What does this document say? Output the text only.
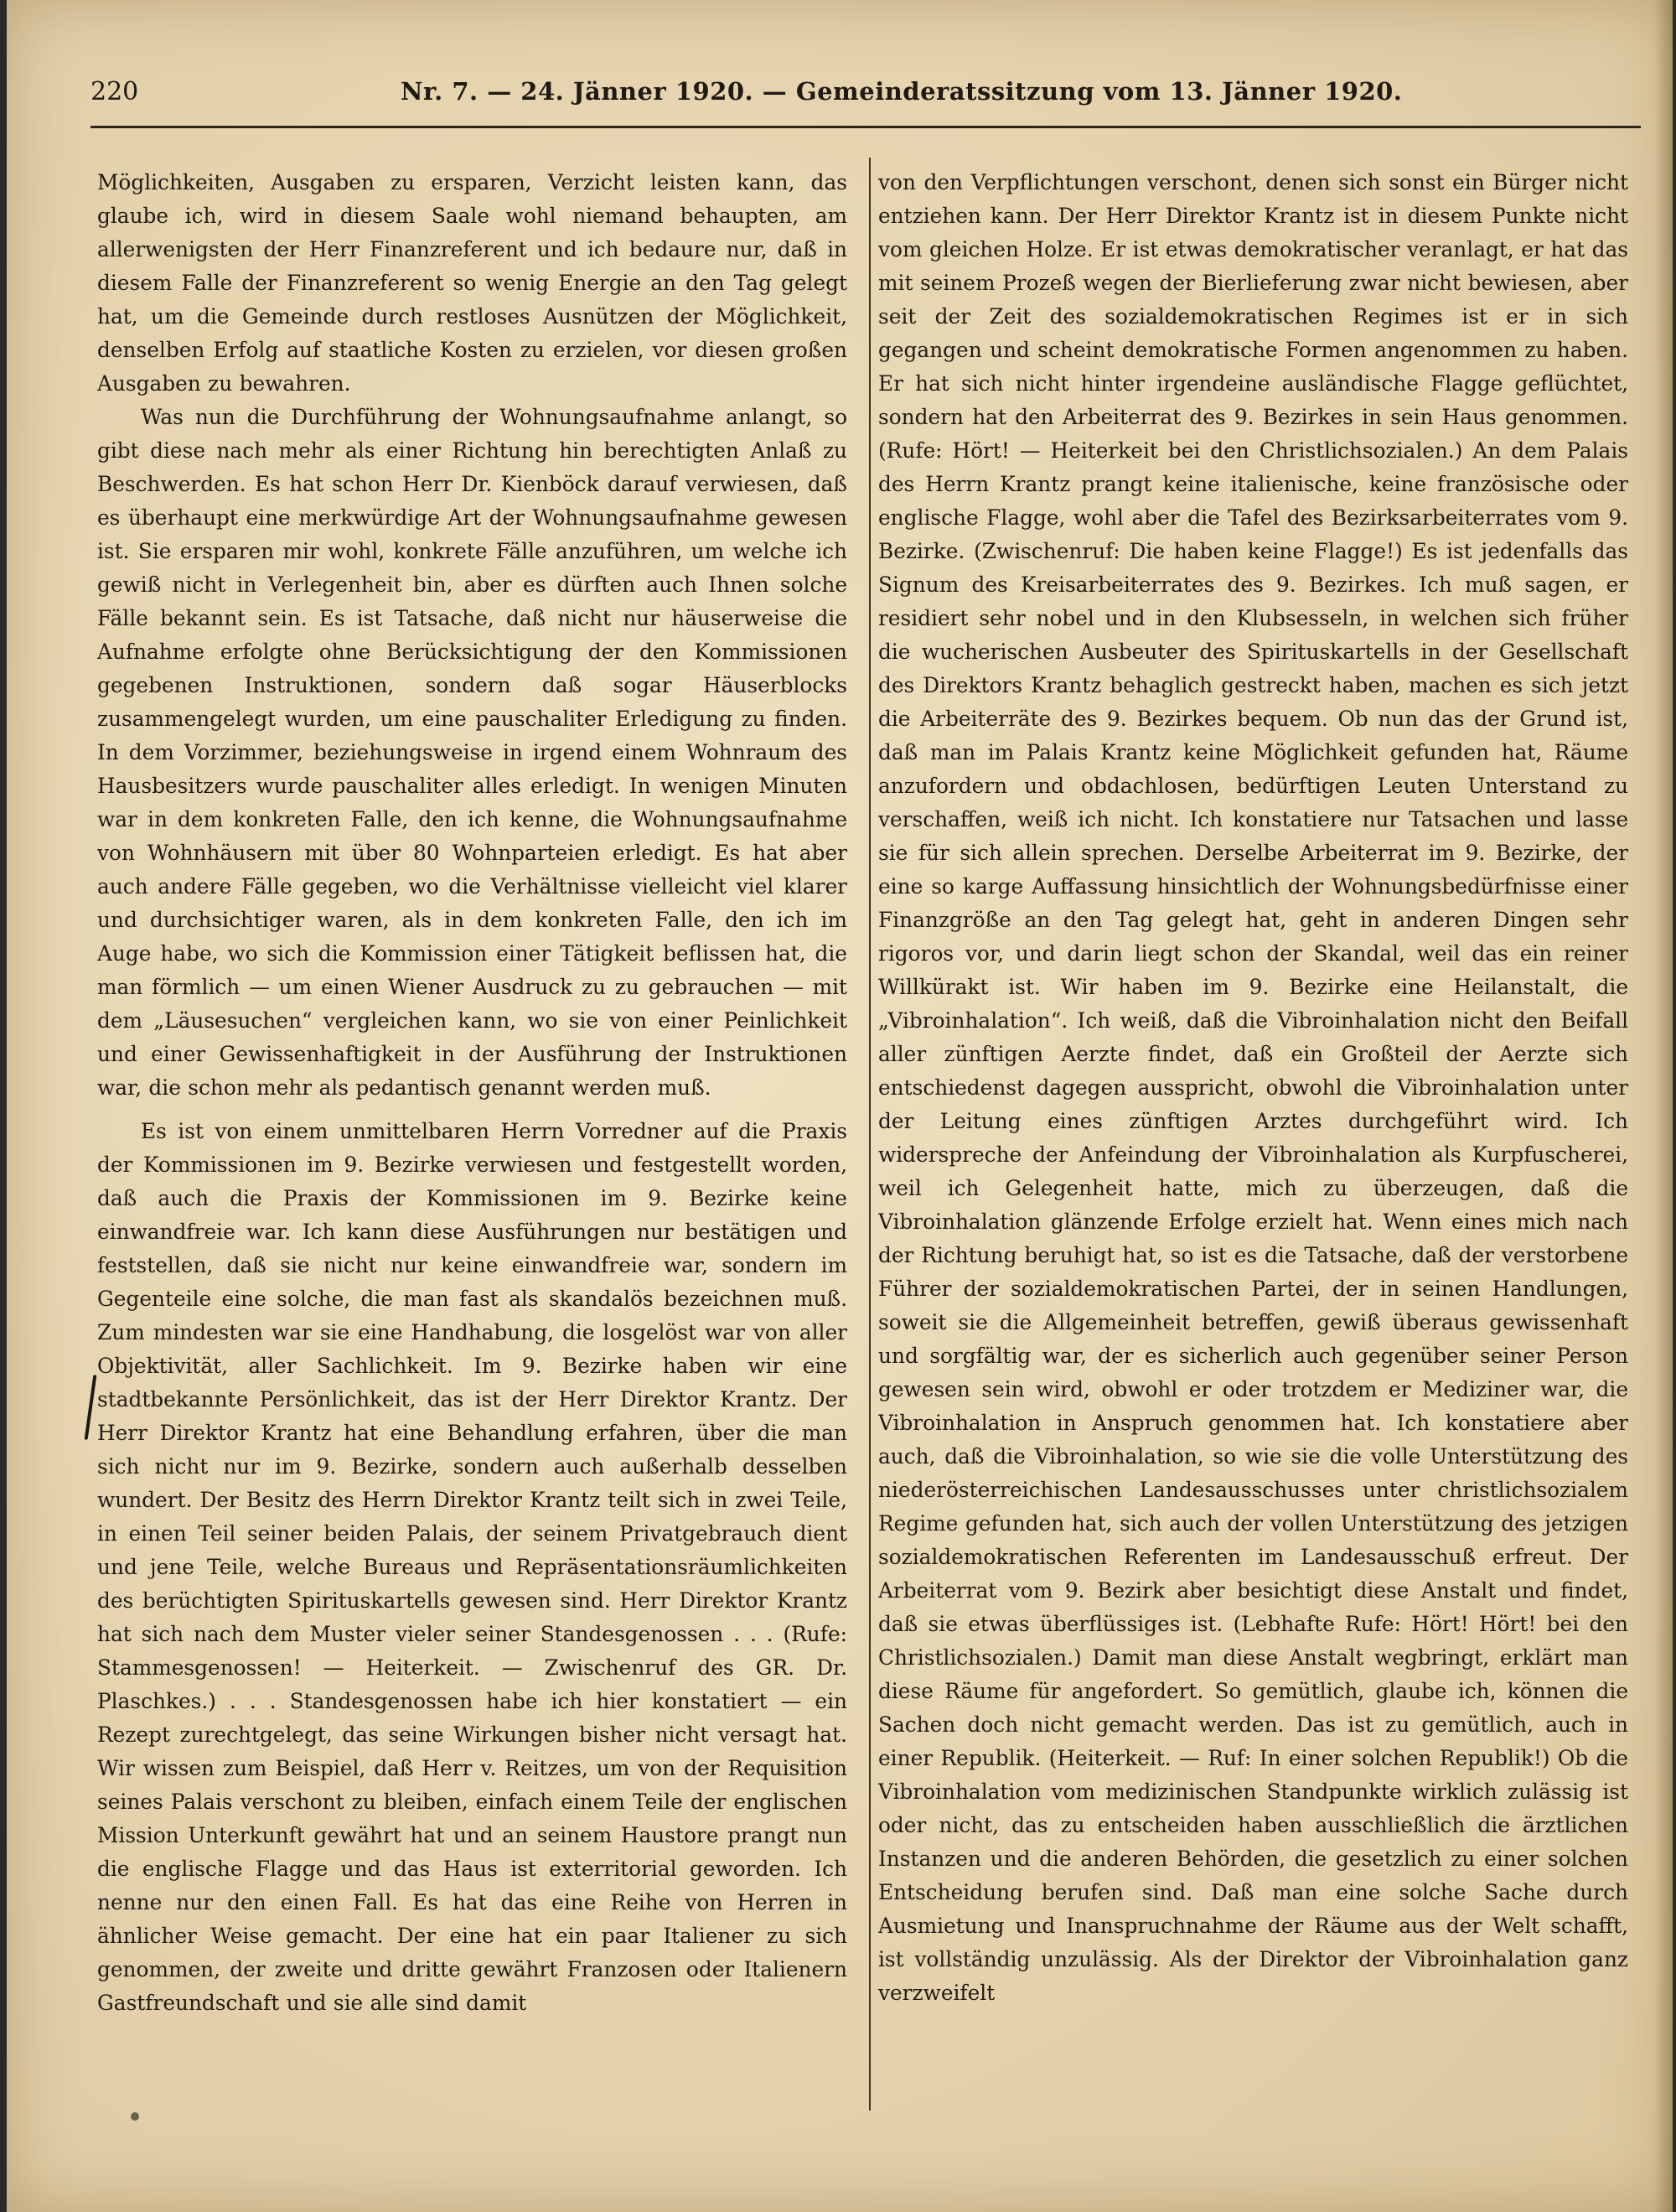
220	Nr. 7. — 24. Jänner 1920. — Gemeinderatssitzung vom 13. Jänner 1920.

Möglichkeiten, Ausgaben zu ersparen, Verzicht leisten kann, das glaube ich, wird in diesem Saale wohl niemand behaupten, am allerwenigsten der Herr Finanzreferent und ich bedaure nur, daß in diesem Falle der Finanzreferent so wenig Energie an den Tag gelegt hat, um die Gemeinde durch restloses Ausnützen der Möglichkeit, denselben Erfolg auf staatliche Kosten zu erzielen, vor diesen großen Ausgaben zu bewahren.

Was nun die Durchführung der Wohnungsaufnahme anlangt, so gibt diese nach mehr als einer Richtung hin berechtigten Anlaß zu Beschwerden. Es hat schon Herr Dr. Kienböck darauf verwiesen, daß es überhaupt eine merkwürdige Art der Wohnungsaufnahme gewesen ist. Sie ersparen mir wohl, konkrete Fälle anzuführen, um welche ich gewiß nicht in Verlegenheit bin, aber es dürften auch Ihnen solche Fälle bekannt sein. Es ist Tatsache, daß nicht nur häuserweise die Aufnahme erfolgte ohne Berücksichtigung der den Kommissionen gegebenen Instruktionen, sondern daß sogar Häuserblocks zusammengelegt wurden, um eine pauschaliter Erledigung zu finden. In dem Vorzimmer, beziehungsweise in irgend einem Wohnraum des Hausbesitzers wurde pauschaliter alles erledigt. In wenigen Minuten war in dem konkreten Falle, den ich kenne, die Wohnungsaufnahme von Wohnhäusern mit über 80 Wohnparteien erledigt. Es hat aber auch andere Fälle gegeben, wo die Verhältnisse vielleicht viel klarer und durchsichtiger waren, als in dem konkreten Falle, den ich im Auge habe, wo sich die Kommission einer Tätigkeit beflissen hat, die man förmlich — um einen Wiener Ausdruck zu zu gebrauchen — mit dem „Läusesuchen“ vergleichen kann, wo sie von einer Peinlichkeit und einer Gewissenhaftigkeit in der Ausführung der Instruktionen war, die schon mehr als pedantisch genannt werden muß.

Es ist von einem unmittelbaren Herrn Vorredner auf die Praxis der Kommissionen im 9. Bezirke verwiesen und festgestellt worden, daß auch die Praxis der Kommissionen im 9. Bezirke keine einwandfreie war. Ich kann diese Ausführungen nur bestätigen und feststellen, daß sie nicht nur keine einwandfreie war, sondern im Gegenteile eine solche, die man fast als skandalös bezeichnen muß. Zum mindesten war sie eine Handhabung, die losgelöst war von aller Objektivität, aller Sachlichkeit. Im 9. Bezirke haben wir eine stadtbekannte Persönlichkeit, das ist der Herr Direktor Krantz. Der Herr Direktor Krantz hat eine Behandlung erfahren, über die man sich nicht nur im 9. Bezirke, sondern auch außerhalb desselben wundert. Der Besitz des Herrn Direktor Krantz teilt sich in zwei Teile, in einen Teil seiner beiden Palais, der seinem Privatgebrauch dient und jene Teile, welche Bureaus und Repräsentationsräumlichkeiten des berüchtigten Spirituskartells gewesen sind. Herr Direktor Krantz hat sich nach dem Muster vieler seiner Standesgenossen . . . (Rufe: Stammesgenossen! — Heiterkeit. — Zwischenruf des GR. Dr. Plaschkes.) . . . Standesgenossen habe ich hier konstatiert — ein Rezept zurechtgelegt, das seine Wirkungen bisher nicht versagt hat. Wir wissen zum Beispiel, daß Herr v. Reitzes, um von der Requisition seines Palais verschont zu bleiben, einfach einem Teile der englischen Mission Unterkunft gewährt hat und an seinem Haustore prangt nun die englische Flagge und das Haus ist exterritorial geworden. Ich nenne nur den einen Fall. Es hat das eine Reihe von Herren in ähnlicher Weise gemacht. Der eine hat ein paar Italiener zu sich genommen, der zweite und dritte gewährt Franzosen oder Italienern Gastfreundschaft und sie alle sind damit

von den Verpflichtungen verschont, denen sich sonst ein Bürger nicht entziehen kann. Der Herr Direktor Krantz ist in diesem Punkte nicht vom gleichen Holze. Er ist etwas demokratischer veranlagt, er hat das mit seinem Prozeß wegen der Bierlieferung zwar nicht bewiesen, aber seit der Zeit des sozialdemokratischen Regimes ist er in sich gegangen und scheint demokratische Formen angenommen zu haben. Er hat sich nicht hinter irgendeine ausländische Flagge geflüchtet, sondern hat den Arbeiterrat des 9. Bezirkes in sein Haus genommen. (Rufe: Hört! — Heiterkeit bei den Christlichsozialen.) An dem Palais des Herrn Krantz prangt keine italienische, keine französische oder englische Flagge, wohl aber die Tafel des Bezirksarbeiterrates vom 9. Bezirke. (Zwischenruf: Die haben keine Flagge!) Es ist jedenfalls das Signum des Kreisarbeiterrates des 9. Bezirkes. Ich muß sagen, er residiert sehr nobel und in den Klubsesseln, in welchen sich früher die wucherischen Ausbeuter des Spirituskartells in der Gesellschaft des Direktors Krantz behaglich gestreckt haben, machen es sich jetzt die Arbeiterräte des 9. Bezirkes bequem. Ob nun das der Grund ist, daß man im Palais Krantz keine Möglichkeit gefunden hat, Räume anzufordern und obdachlosen, bedürftigen Leuten Unterstand zu verschaffen, weiß ich nicht. Ich konstatiere nur Tatsachen und lasse sie für sich allein sprechen. Derselbe Arbeiterrat im 9. Bezirke, der eine so karge Auffassung hinsichtlich der Wohnungsbedürfnisse einer Finanzgröße an den Tag gelegt hat, geht in anderen Dingen sehr rigoros vor, und darin liegt schon der Skandal, weil das ein reiner Willkürakt ist. Wir haben im 9. Bezirke eine Heilanstalt, die „Vibroinhalation“. Ich weiß, daß die Vibroinhalation nicht den Beifall aller zünftigen Aerzte findet, daß ein Großteil der Aerzte sich entschiedenst dagegen ausspricht, obwohl die Vibroinhalation unter der Leitung eines zünftigen Arztes durchgeführt wird. Ich widerspreche der Anfeindung der Vibroinhalation als Kurpfuscherei, weil ich Gelegenheit hatte, mich zu überzeugen, daß die Vibroinhalation glänzende Erfolge erzielt hat. Wenn eines mich nach der Richtung beruhigt hat, so ist es die Tatsache, daß der verstorbene Führer der sozialdemokratischen Partei, der in seinen Handlungen, soweit sie die Allgemeinheit betreffen, gewiß überaus gewissenhaft und sorgfältig war, der es sicherlich auch gegenüber seiner Person gewesen sein wird, obwohl er oder trotzdem er Mediziner war, die Vibroinhalation in Anspruch genommen hat. Ich konstatiere aber auch, daß die Vibroinhalation, so wie sie die volle Unterstützung des niederösterreichischen Landesausschusses unter christlichsozialem Regime gefunden hat, sich auch der vollen Unterstützung des jetzigen sozialdemokratischen Referenten im Landesausschuß erfreut. Der Arbeiterrat vom 9. Bezirk aber besichtigt diese Anstalt und findet, daß sie etwas überflüssiges ist. (Lebhafte Rufe: Hört! Hört! bei den Christlichsozialen.) Damit man diese Anstalt wegbringt, erklärt man diese Räume für angefordert. So gemütlich, glaube ich, können die Sachen doch nicht gemacht werden. Das ist zu gemütlich, auch in einer Republik. (Heiterkeit. — Ruf: In einer solchen Republik!) Ob die Vibroinhalation vom medizinischen Standpunkte wirklich zulässig ist oder nicht, das zu entscheiden haben ausschließlich die ärztlichen Instanzen und die anderen Behörden, die gesetzlich zu einer solchen Entscheidung berufen sind. Daß man eine solche Sache durch Ausmietung und Inanspruchnahme der Räume aus der Welt schafft, ist vollständig unzulässig. Als der Direktor der Vibroinhalation ganz verzweifelt
